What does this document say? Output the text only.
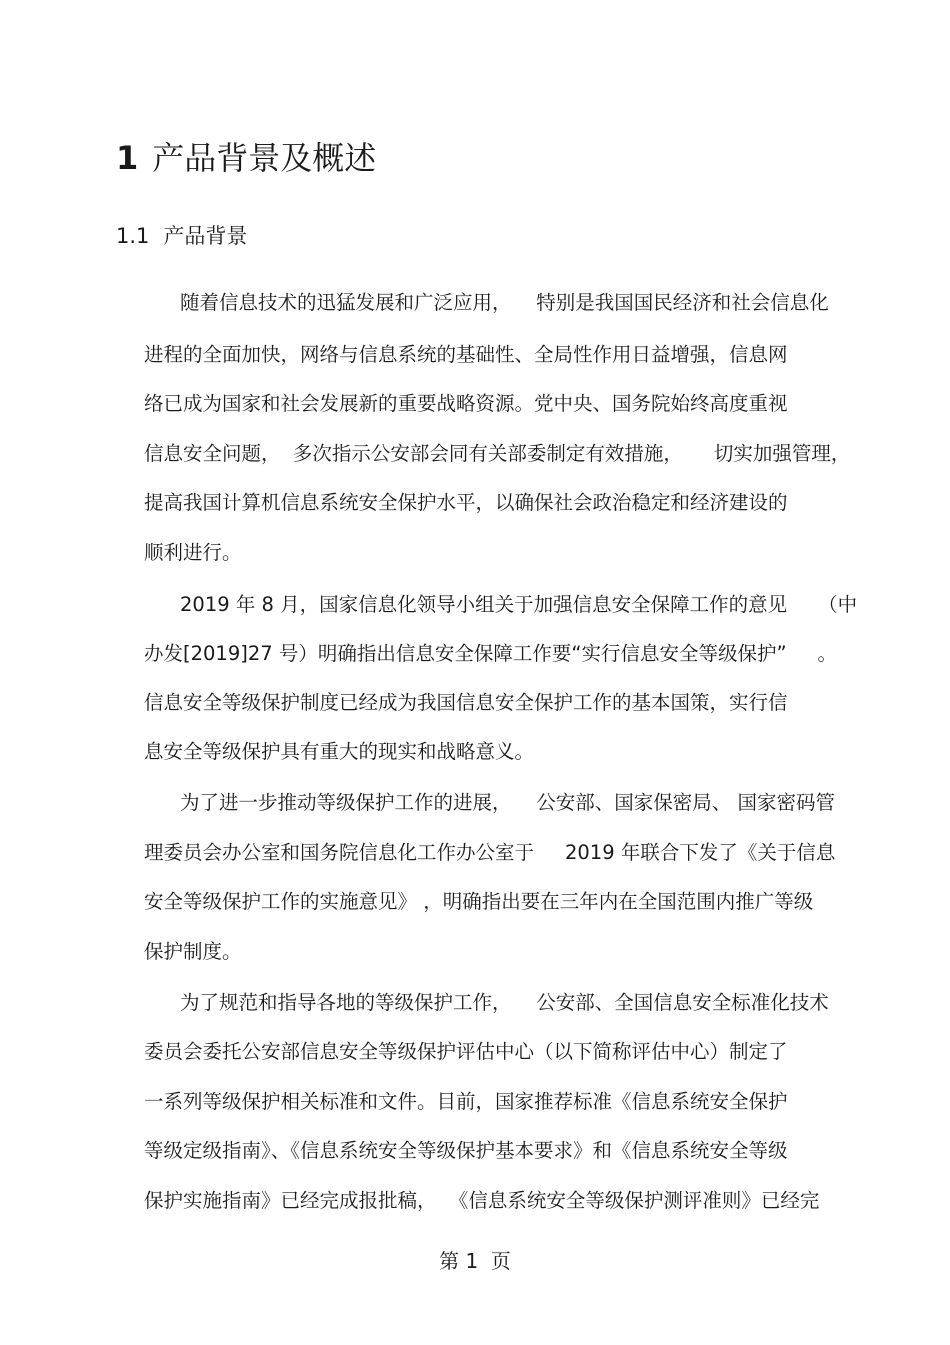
1 产品背景及概述
1.1 产品背景
随着信息技术的迅猛发展和广泛应用，    特别是我国国民经济和社会信息化
进程的全面加快，网络与信息系统的基础性、全局性作用日益增强，信息网
络已成为国家和社会发展新的重要战略资源。党中央、国务院始终高度重视
信息安全问题，  多次指示公安部会同有关部委制定有效措施，     切实加强管理，
提高我国计算机信息系统安全保护水平，以确保社会政治稳定和经济建设的
顺利进行。
2019 年 8 月，国家信息化领导小组关于加强信息安全保障工作的意见     （中
办发[2019]27 号）明确指出信息安全保障工作要“实行信息安全等级保护”     。
信息安全等级保护制度已经成为我国信息安全保护工作的基本国策，实行信
息安全等级保护具有重大的现实和战略意义。
为了进一步推动等级保护工作的进展，    公安部、国家保密局、 国家密码管
理委员会办公室和国务院信息化工作办公室于     2019 年联合下发了《关于信息
安全等级保护工作的实施意见》 ，明确指出要在三年内在全国范围内推广等级
保护制度。
为了规范和指导各地的等级保护工作，    公安部、全国信息安全标准化技术
委员会委托公安部信息安全等级保护评估中心（以下简称评估中心）制定了
一系列等级保护相关标准和文件。目前，国家推荐标准《信息系统安全保护
等级定级指南》、《信息系统安全等级保护基本要求》和《信息系统安全等级
保护实施指南》已经完成报批稿，  《信息系统安全等级保护测评准则》已经完
第 1  页
